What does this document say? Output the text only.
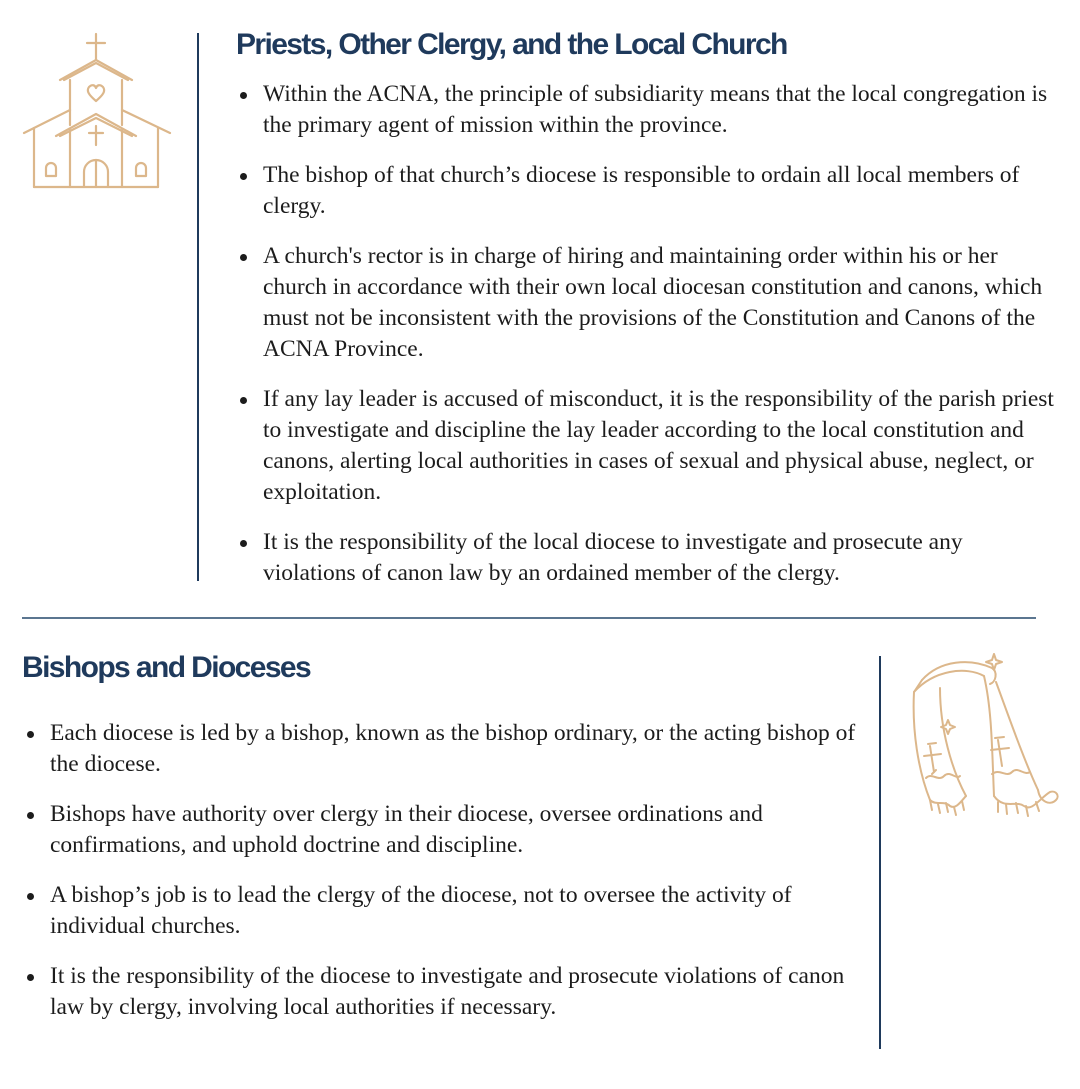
Priests, Other Clergy, and the Local Church
Within the ACNA, the principle of subsidiarity means that the local congregation is the primary agent of mission within the province.
The bishop of that church’s diocese is responsible to ordain all local members of clergy.
A church's rector is in charge of hiring and maintaining order within his or her church in accordance with their own local diocesan constitution and canons, which must not be inconsistent with the provisions of the Constitution and Canons of the ACNA Province.
If any lay leader is accused of misconduct, it is the responsibility of the parish priest to investigate and discipline the lay leader according to the local constitution and canons, alerting local authorities in cases of sexual and physical abuse, neglect, or exploitation.
It is the responsibility of the local diocese to investigate and prosecute any violations of canon law by an ordained member of the clergy.
Bishops and Dioceses
Each diocese is led by a bishop, known as the bishop ordinary, or the acting bishop of the diocese.
Bishops have authority over clergy in their diocese, oversee ordinations and confirmations, and uphold doctrine and discipline.
A bishop’s job is to lead the clergy of the diocese, not to oversee the activity of individual churches.
It is the responsibility of the diocese to investigate and prosecute violations of canon law by clergy, involving local authorities if necessary.
